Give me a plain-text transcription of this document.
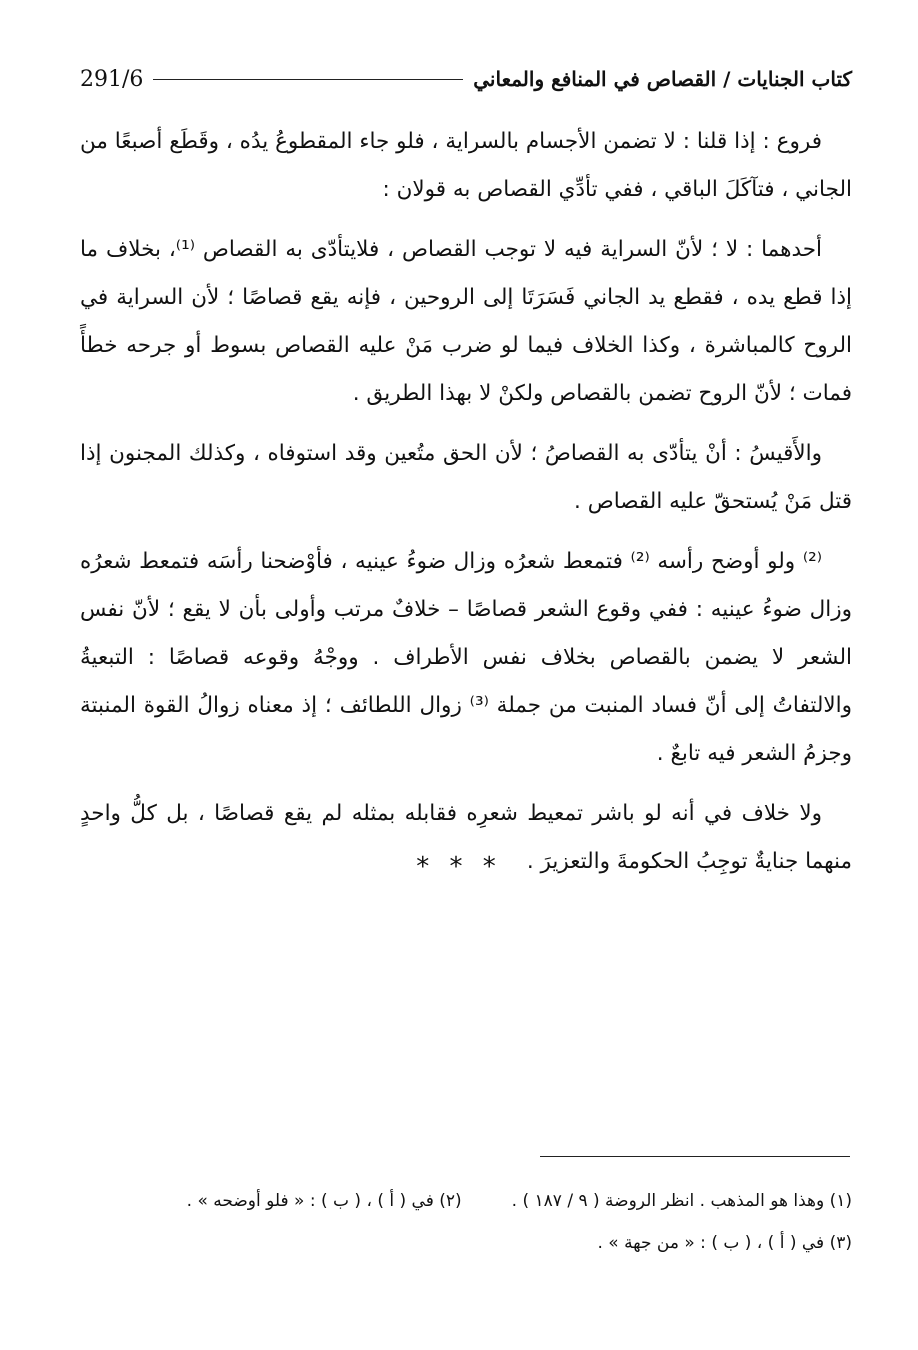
كتاب الجنايات / القصاص في المنافع والمعاني
291/6

فروع : إذا قلنا : لا تضمن الأجسام بالسراية ، فلو جاء المقطوعُ يدُه ، وقَطَع أصبعًا من الجاني ، فتآكَلَ الباقي ، ففي تأدِّي القصاص به قولان :

أحدهما : لا ؛ لأنّ السراية فيه لا توجب القصاص ، فلايتأدّى به القصاص ⁽¹⁾، بخلاف ما إذا قطع يده ، فقطع يد الجاني فَسَرَتَا إلى الروحين ، فإنه يقع قصاصًا ؛ لأن السراية في الروح كالمباشرة ، وكذا الخلاف فيما لو ضرب مَنْ عليه القصاص بسوط أو جرحه خطأً فمات ؛ لأنّ الروح تضمن بالقصاص ولكنْ لا بهذا الطريق .

والأَقيسُ : أنْ يتأدّى به القصاصُ ؛ لأن الحق متُعين وقد استوفاه ، وكذلك المجنون إذا قتل مَنْ يُستحقّ عليه القصاص .

⁽²⁾ ولو أوضح رأسه ⁽²⁾ فتمعط شعرُه وزال ضوءُ عينيه ، فأوْضحنا رأسَه فتمعط شعرُه وزال ضوءُ عينيه : ففي وقوع الشعر قصاصًا – خلافٌ مرتب وأولى بأن لا يقع ؛ لأنّ نفس الشعر لا يضمن بالقصاص بخلاف نفس الأطراف . ووجْهُ وقوعه قصاصًا : التبعيةُ والالتفاتُ إلى أنّ فساد المنبت من جملة ⁽³⁾ زوال اللطائف ؛ إذ معناه زوالُ القوة المنبتة وجزمُ الشعر فيه تابعٌ .

ولا خلاف في أنه لو باشر تمعيط شعرِه فقابله بمثله لم يقع قصاصًا ، بل كلُّ واحدٍ منهما جنايةٌ توجِبُ الحكومةَ والتعزيرَ .

* * *
(١) وهذا هو المذهب . انظر الروضة ( ٩ / ١٨٧ ) .
(٢) في ( أ ) ، ( ب ) : « فلو أوضحه » .
(٣) في ( أ ) ، ( ب ) : « من جهة » .
